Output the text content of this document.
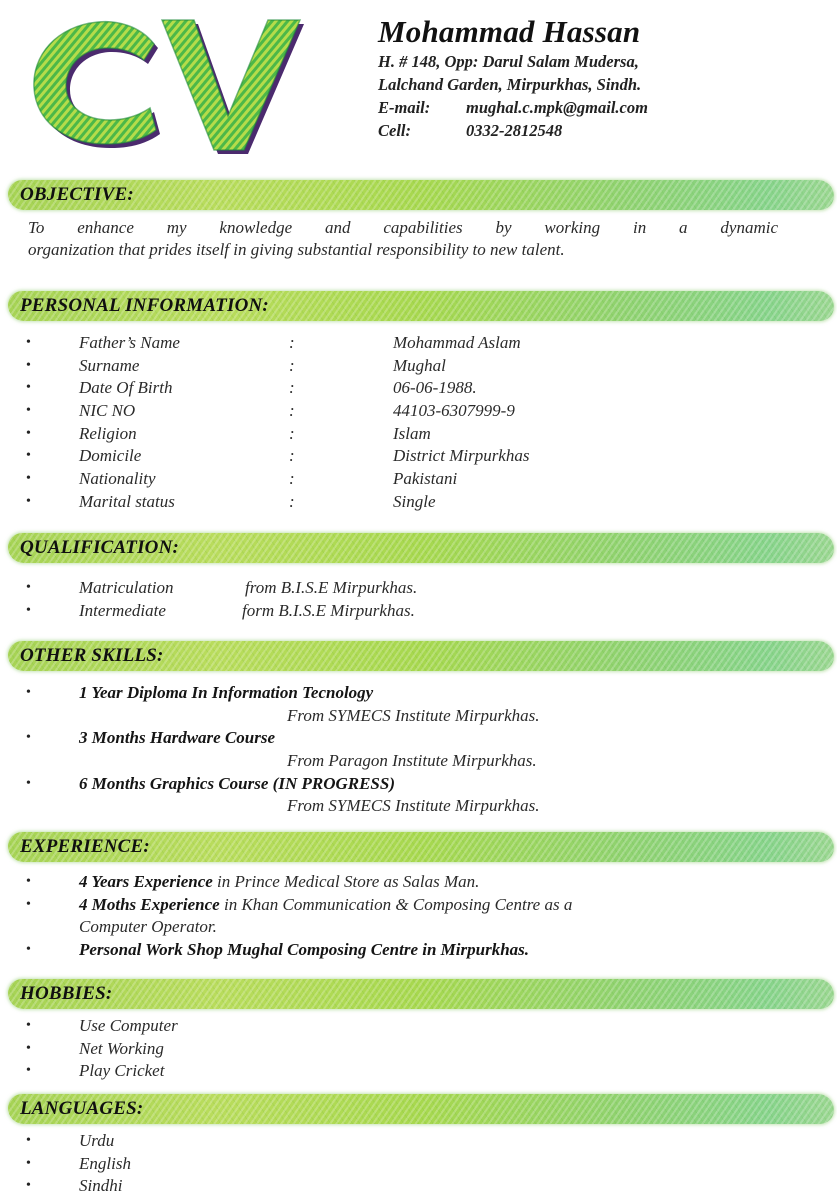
Mohammad Hassan
H. # 148, Opp: Darul Salam Mudersa,
Lalchand Garden, Mirpurkhas, Sindh.
E-mail: mughal.c.mpk@gmail.com
Cell:	0332-2812548
OBJECTIVE:
To enhance my knowledge and capabilities by working in a dynamic
organization that prides itself in giving substantial responsibility to new talent.
PERSONAL INFORMATION:
•	Father’s Name	:	Mohammad Aslam
•	Surname	:	Mughal
•	Date Of Birth	:	06-06-1988.
•	NIC NO	:	44103-6307999-9
•	Religion	:	Islam
•	Domicile	:	District Mirpurkhas
•	Nationality	:	Pakistani
•	Marital status	:	Single
QUALIFICATION:
•	Matriculation	from B.I.S.E Mirpurkhas.
•	Intermediate	form B.I.S.E Mirpurkhas.
OTHER SKILLS:
•	1 Year Diploma In Information Tecnology
From SYMECS Institute Mirpurkhas.
•	3 Months Hardware Course
From Paragon Institute Mirpurkhas.
•	6 Months Graphics Course (IN PROGRESS)
From SYMECS Institute Mirpurkhas.
EXPERIENCE:
•	4 Years Experience in Prince Medical Store as Salas Man.
•	4 Moths Experience in Khan Communication & Composing Centre as a
Computer Operator.
•	Personal Work Shop Mughal Composing Centre in Mirpurkhas.
HOBBIES:
•	Use Computer
•	Net Working
•	Play Cricket
LANGUAGES:
•	Urdu
•	English
•	Sindhi
